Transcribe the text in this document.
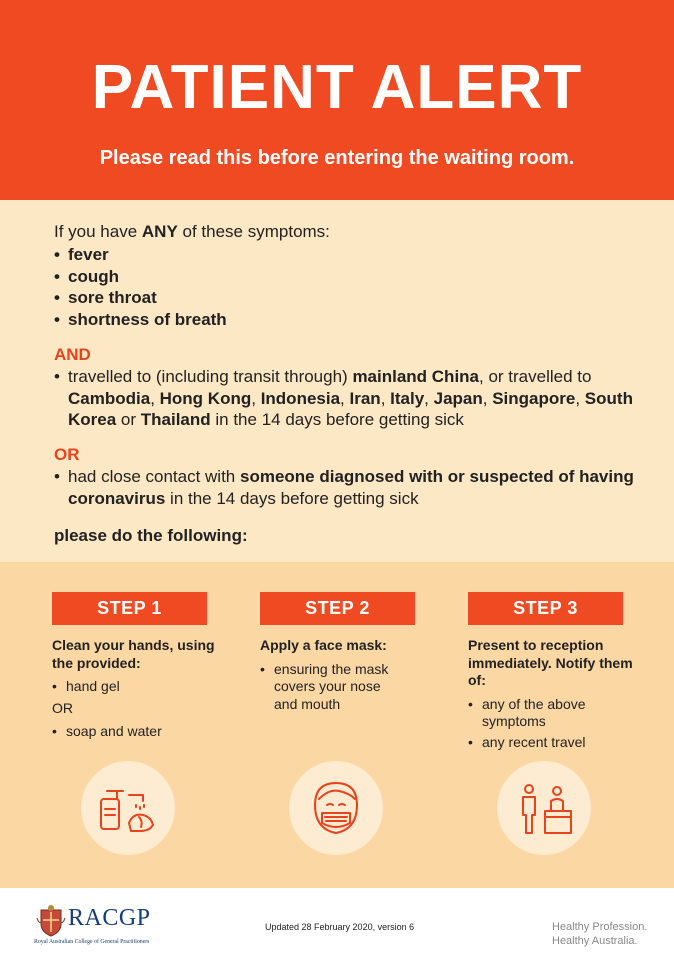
PATIENT ALERT
Please read this before entering the waiting room.
If you have ANY of these symptoms:
• fever
• cough
• sore throat
• shortness of breath
AND
• travelled to (including transit through) mainland China, or travelled to Cambodia, Hong Kong, Indonesia, Iran, Italy, Japan, Singapore, South Korea or Thailand in the 14 days before getting sick
OR
• had close contact with someone diagnosed with or suspected of having coronavirus in the 14 days before getting sick
please do the following:
STEP 1
Clean your hands, using the provided:
• hand gel
OR
• soap and water
STEP 2
Apply a face mask:
• ensuring the mask covers your nose and mouth
STEP 3
Present to reception immediately. Notify them of:
• any of the above symptoms
• any recent travel
RACGP
Royal Australian College of General Practitioners
Updated 28 February 2020, version 6	Healthy Profession.
Healthy Australia.
